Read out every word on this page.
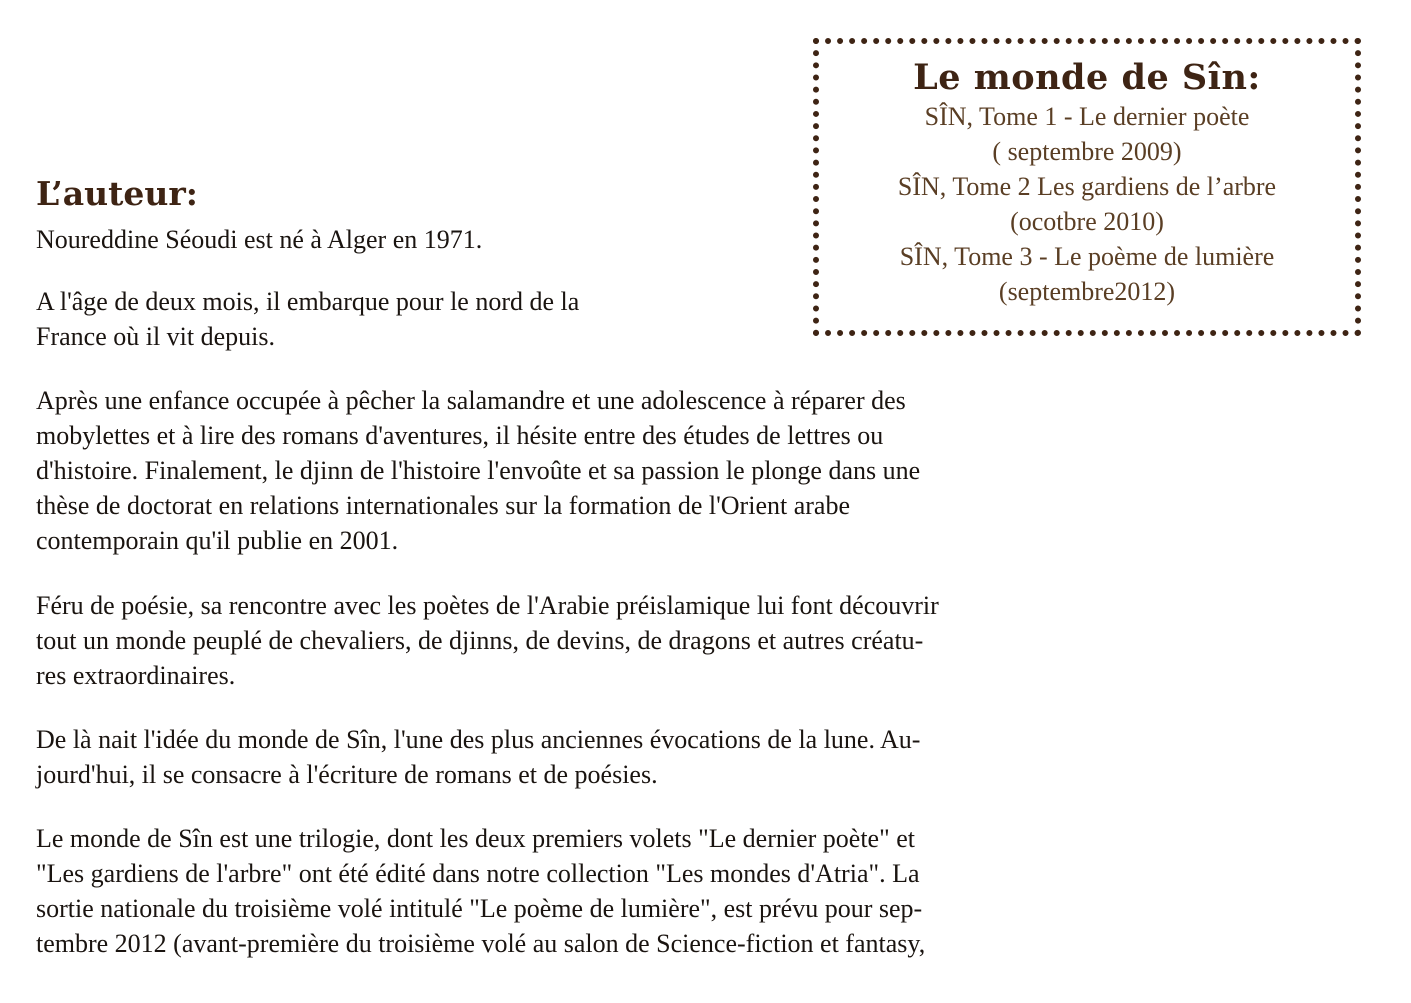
Le monde de Sîn:
SÎN, Tome 1 - Le dernier poète
( septembre 2009)
SÎN, Tome 2 Les gardiens de l’arbre
(ocotbre 2010)
SÎN, Tome 3 - Le poème de lumière
(septembre2012)
L’auteur:
Noureddine Séoudi est né à Alger en 1971.
A l'âge de deux mois, il embarque pour le nord de la
France où il vit depuis.
Après une enfance occupée à pêcher la salamandre et une adolescence à réparer des
mobylettes et à lire des romans d'aventures, il hésite entre des études de lettres ou
d'histoire. Finalement, le djinn de l'histoire l'envoûte et sa passion le plonge dans une
thèse de doctorat en relations internationales sur la formation de l'Orient arabe
contemporain qu'il publie en 2001.
Féru de poésie, sa rencontre avec les poètes de l'Arabie préislamique lui font découvrir
tout un monde peuplé de chevaliers, de djinns, de devins, de dragons et autres créatu-
res extraordinaires.
De là nait l'idée du monde de Sîn, l'une des plus anciennes évocations de la lune. Au-
jourd'hui, il se consacre à l'écriture de romans et de poésies.
Le monde de Sîn est une trilogie, dont les deux premiers volets "Le dernier poète" et
"Les gardiens de l'arbre" ont été édité dans notre collection "Les mondes d'Atria". La
sortie nationale du troisième volé intitulé "Le poème de lumière", est prévu pour sep-
tembre 2012 (avant-première du troisième volé au salon de Science-fiction et fantasy,
